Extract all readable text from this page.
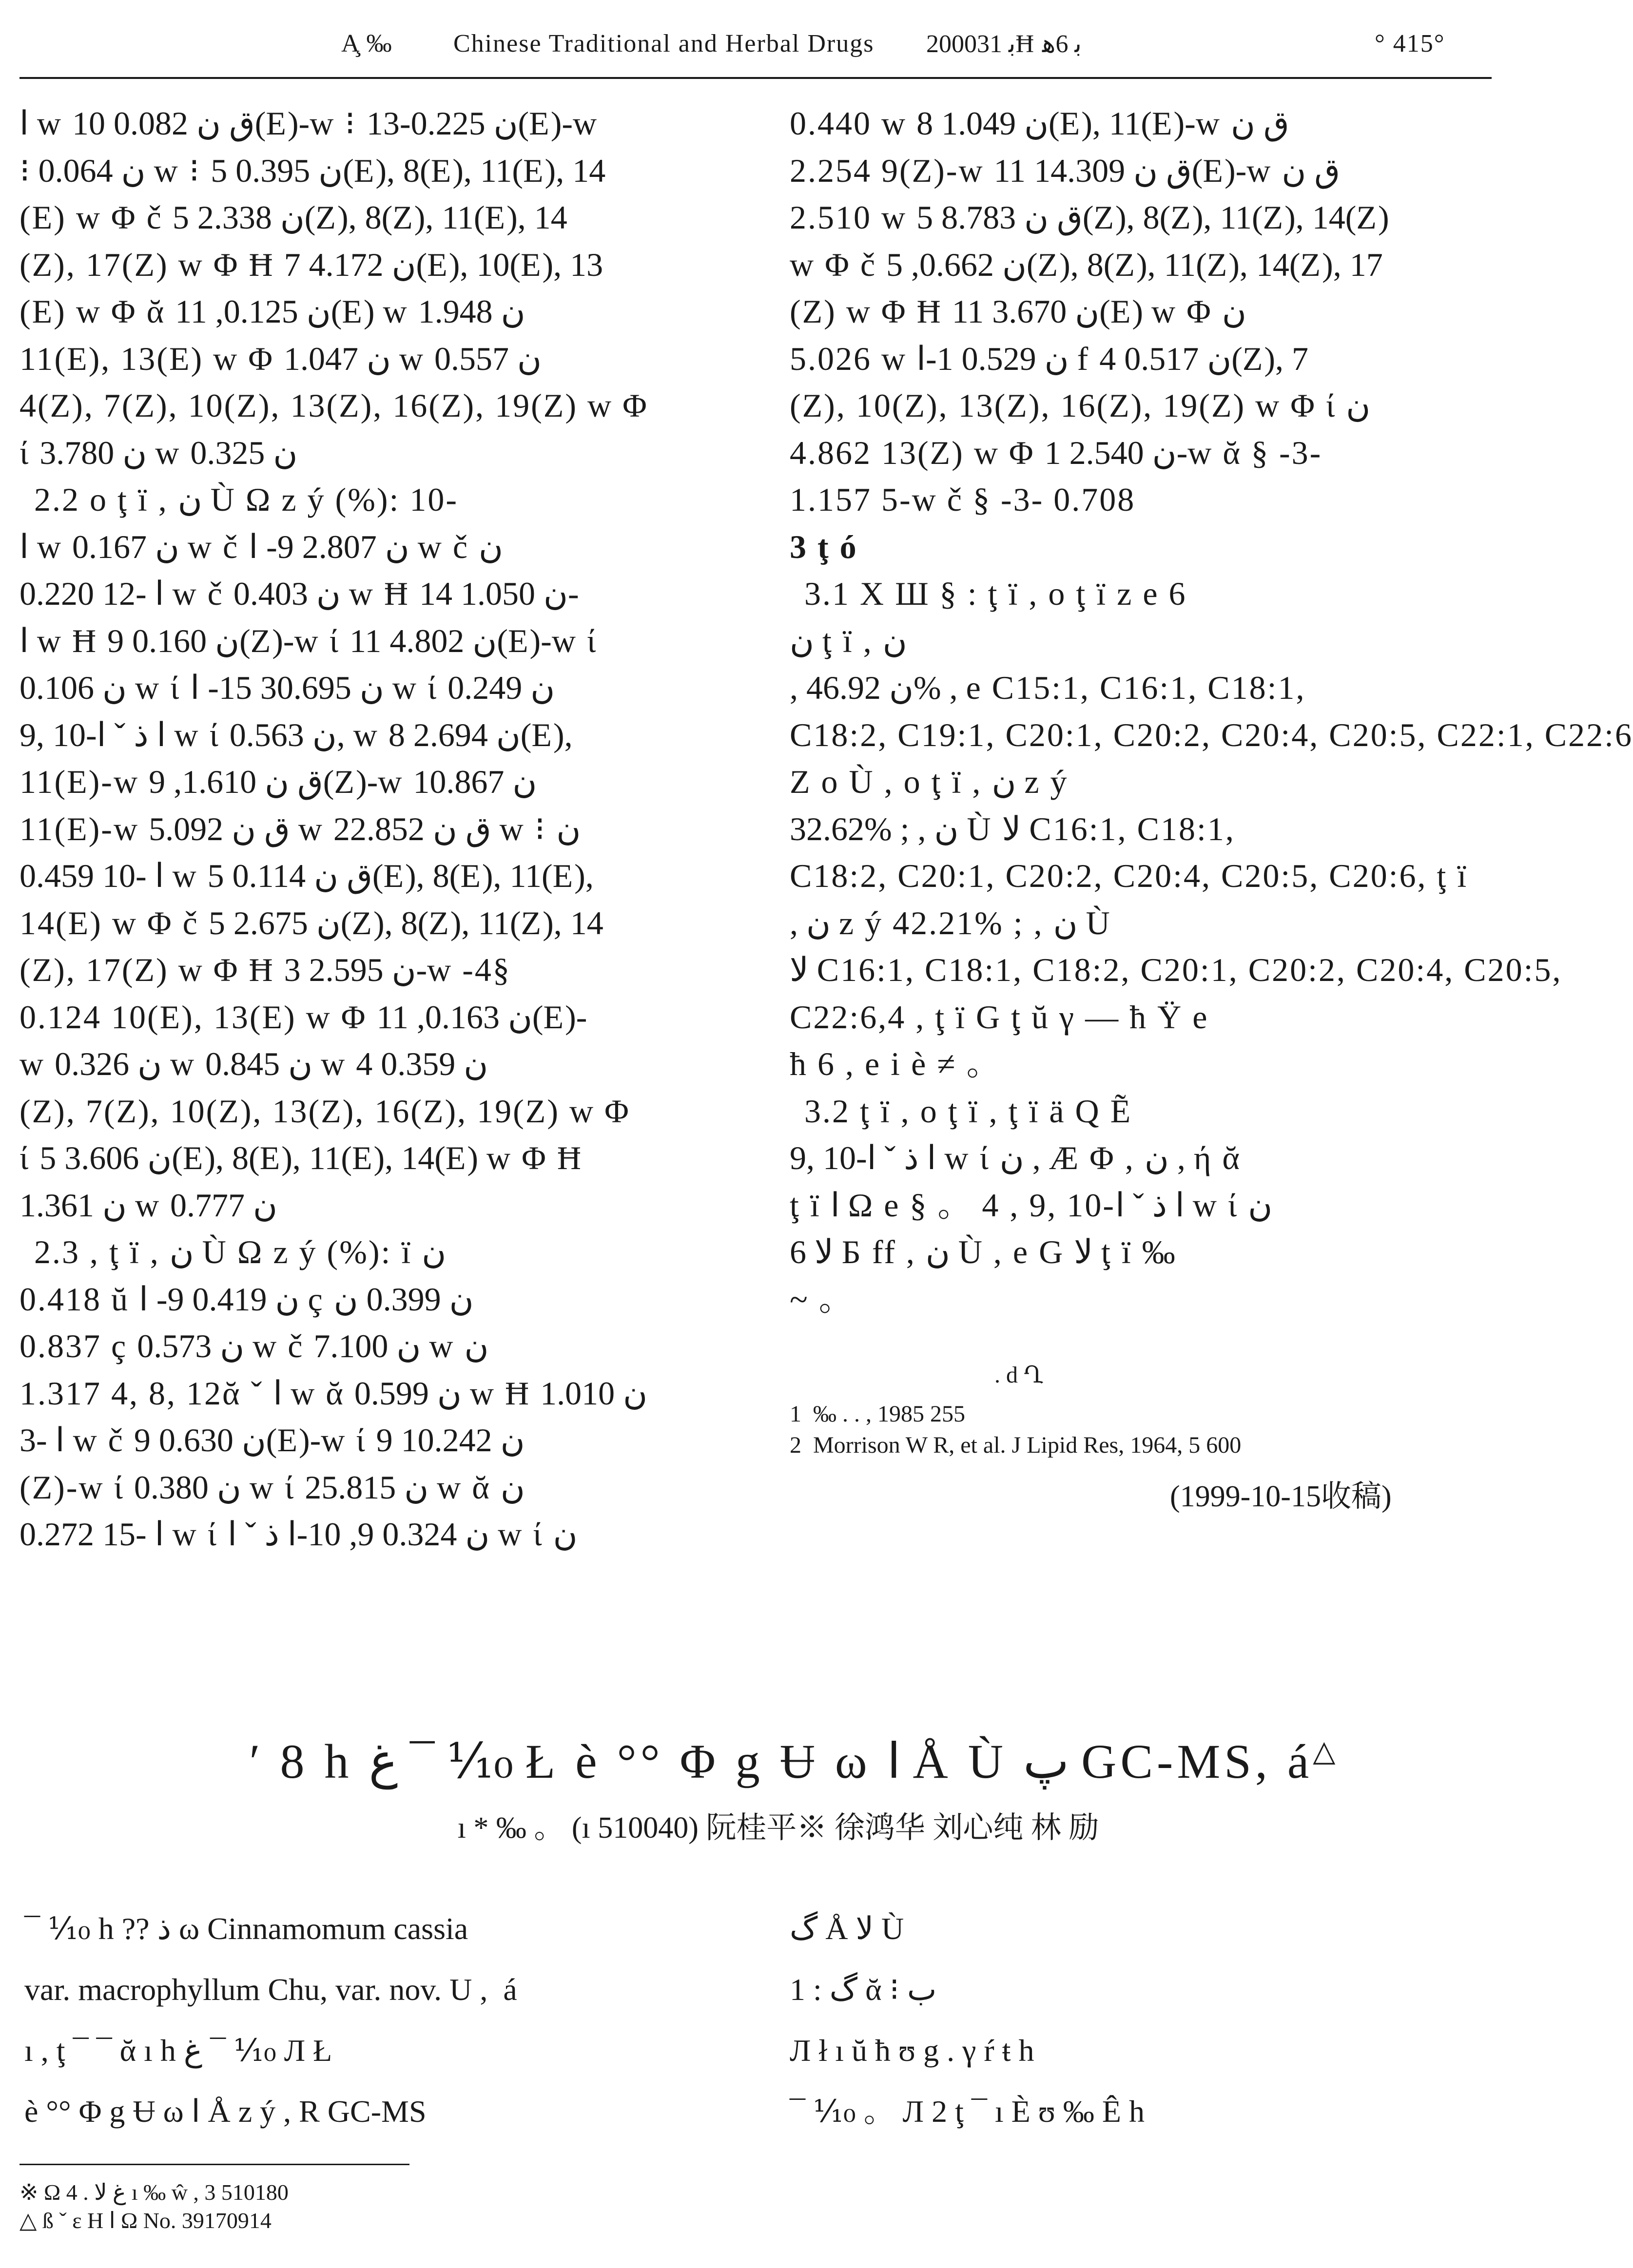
A̧ ‰ Chinese Traditional and Herbal Drugs 2000ﺑ 31Ħ ﺑ 6ﻫ	° 415°
ﺍ w ﻕ ﻥ 0.082 10(E)-w ⁝ ﻥ 0.225-13(E)-w
⁝ ﻥ 0.064 w ⁝ ﻥ 0.395 5(E), 8(E), 11(E), 14
(E) w Φ č ﻥ 2.338 5(Z), 8(Z), 11(E), 14
(Z), 17(Z) w Φ Ħ ﻥ 4.172 7(E), 10(E), 13
(E) w Φ ᾰ ﻥ 0.125, 11(E) w ﻥ 1.948
11(E), 13(E) w Φ ﻥ 1.047 w ﻥ 0.557
4(Z), 7(Z), 10(Z), 13(Z), 16(Z), 19(Z) w Φ
ί ﻥ 3.780 w ﻥ 0.325
2.2 o ţ ï , ﻥ Ù Ω z ý (%): 10-
ﺍ w ﻥ 0.167 w č ﻥ 2.807 9- ﺍ w č ﻥ
0.220 12- ﺍ w č ﻥ 0.403 w Ħ ﻥ 1.050 14-
ﺍ w Ħ ﻥ 0.160 9(Z)-w ί ﻥ 4.802 11(E)-w ί
ﻥ 0.106 w ί ﻥ 30.695 15- ﺍ w ί ﻥ 0.249
9, 10-ﺍ ﺫ ˇ ﺍ w ί ﻥ 0.563, w ﻥ 2.694 8(E),
11(E)-w ﻕ ﻥ 1.610, 9(Z)-w ﻥ 10.867
11(E)-w ﻕ ﻥ 5.092 w ﻕ ﻥ 22.852 w ⁝ ﻥ
0.459 10- ﺍ w ﻕ ﻥ 0.114 5(E), 8(E), 11(E),
14(E) w Φ č ﻥ 2.675 5(Z), 8(Z), 11(Z), 14
(Z), 17(Z) w Φ Ħ ﻥ 2.595 3-w -4§
0.124 10(E), 13(E) w Φ ﻥ 0.163, 11(E)-
w ﻥ 0.326 w ﻥ 0.845 w ﻥ 0.359 4
(Z), 7(Z), 10(Z), 13(Z), 16(Z), 19(Z) w Φ
ί ﻥ 3.606 5(E), 8(E), 11(E), 14(E) w Φ Ħ
ﻥ 1.361 w ﻥ 0.777
2.3 , ţ ï , ﻥ Ù Ω z ý (%): ï ﻥ
0.418 ŭ ﻥ 0.419 9- ﺍ ç ﻥ 0.399 ﻥ
0.837 ç ﻥ 0.573 w č ﻥ 7.100 w ﻥ
1.317 4, 8, 12ᾰ ˇ ﺍ w ᾰ ﻥ 0.599 w Ħ ﻥ 1.010
3- ﺍ w č ﻥ 0.630 9(E)-w ί ﻥ 10.242 9
(Z)-w ί ﻥ 0.380 w ί ﻥ 25.815 w ᾰ ﻥ
0.272 15- ﺍ w ί ﻥ 0.324 9, 10-ﺍ ﺫ ˇ ﺍ w ί ﻥ
0.440 w ﻥ 1.049 8(E), 11(E)-w ﻕ ﻥ
2.254 9(Z)-w ﻕ ﻥ 14.309 11(E)-w ﻕ ﻥ
2.510 w ﻕ ﻥ 8.783 5(Z), 8(Z), 11(Z), 14(Z)
w Φ č ﻥ 0.662, 5(Z), 8(Z), 11(Z), 14(Z), 17
(Z) w Φ Ħ ﻥ 3.670 11(E) w Φ ﻥ
5.026 w ﻥ 0.529 1-ﺍ f ﻥ 0.517 4(Z), 7
(Z), 10(Z), 13(Z), 16(Z), 19(Z) w Φ ί ﻥ
4.862 13(Z) w Φ ﻥ 2.540 1-w ᾰ § -3-
1.157 5-w č § -3- 0.708
3 ţ ó
3.1 X Ш § : ţ ï , o ţ ï z e 6
ﻥ ţ ï , ﻥ
, ﻥ 46.92% , e C15:1, C16:1, C18:1,
C18:2, C19:1, C20:1, C20:2, C20:4, C20:5, C22:1, C22:6
Z o Ù , o ţ ï , ﻥ z ý
32.62% ; , ﻥ Ù ﻻ C16:1, C18:1,
C18:2, C20:1, C20:2, C20:4, C20:5, C20:6, ţ ï
, ﻥ z ý 42.21% ; , ﻥ Ù
ﻻ C16:1, C18:1, C18:2, C20:1, C20:2, C20:4, C20:5,
C22:6,4 , ţ ï G ţ ŭ γ — ħ Ÿ e
ħ 6 , e i è ≠ 。
3.2 ţ ï , o ţ ï , ţ ï ä Q Ẽ
9, 10-ﺍ ﺫ ˇ ﺍ w ί ﻥ , Æ Φ , ﻥ , ή ᾰ
ţ ï ﺍ Ω e § 。 4 , 9, 10-ﺍ ﺫ ˇ ﺍ w ί ﻥ
ﻻ 6 Б ff , ﻥ Ù , e G ﻻ ţ ï ‰
~ 。
. d Ղ
1  ‰ . . , 1985 255
2  Morrison W R, et al. J Lipid Res, 1964, 5 600
(1999-10-15收稿)

′ 8 h ﻍ ¯ ⅒ Ł è °° Φ g Ʉ ω ﺍ Å Ù پ GC-MS, á△

ı * ‰ 。 (ı 510040) 阮桂平※ 徐鸿华 刘心纯 林 励
¯ ⅒ h ?? ﺫ ω Cinnamomum cassia
var. macrophyllum Chu, var. nov. U ,  á
ı , ţ ¯ ¯ ᾰ ı h ﻍ ¯ ⅒ Л Ł
è °° Φ g Ʉ ω ﺍ Å z ý , R GC-MS
ﮒ Å ﻻ Ù
1 : ﮒ ᾰ ⁝ ﺏ
Л ł ı ŭ ħ ʊ g . γ ŕ ŧ h
¯ ⅒ 。 Л 2 ţ ¯ ı È ʊ ‰ Ê h
※ Ω 4 . ﻍ ﻻ ı ‰ ŵ , 3 510180
△ ß ˇ ε H ﺍ Ω No. 39170914
